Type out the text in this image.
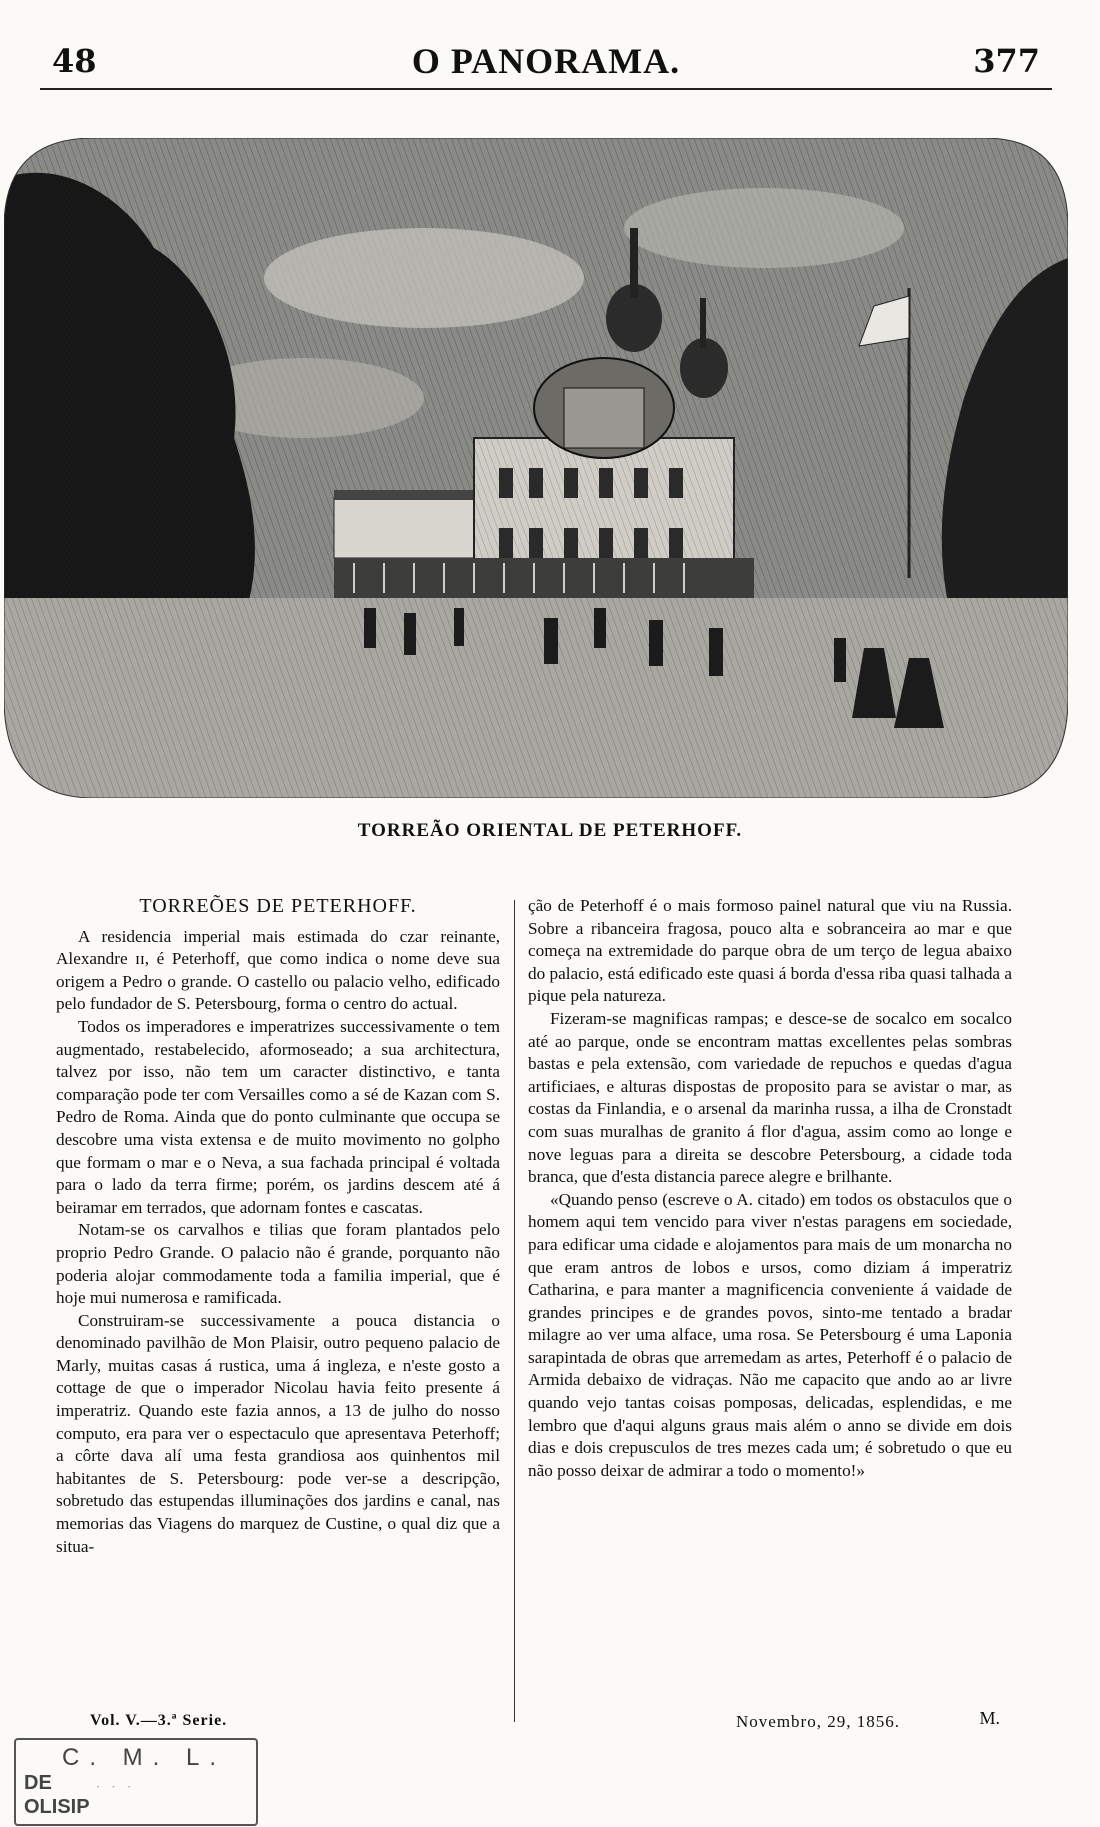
48	O PANORAMA.	377
TORREÃO ORIENTAL DE PETERHOFF.
TORREÕES DE PETERHOFF.

A residencia imperial mais estimada do czar reinante, Alexandre ɪɪ, é Peterhoff, que como indica o nome deve sua origem a Pedro o grande. O castello ou palacio velho, edificado pelo fundador de S. Petersbourg, forma o centro do actual.

Todos os imperadores e imperatrizes successivamente o tem augmentado, restabelecido, aformoseado; a sua architectura, talvez por isso, não tem um caracter distinctivo, e tanta comparação pode ter com Versailles como a sé de Kazan com S. Pedro de Roma. Ainda que do ponto culminante que occupa se descobre uma vista extensa e de muito movimento no golpho que formam o mar e o Neva, a sua fachada principal é voltada para o lado da terra firme; porém, os jardins descem até á beiramar em terrados, que adornam fontes e cascatas.

Notam-se os carvalhos e tilias que foram plantados pelo proprio Pedro Grande. O palacio não é grande, porquanto não poderia alojar commodamente toda a familia imperial, que é hoje mui numerosa e ramificada.

Construiram-se successivamente a pouca distancia o denominado pavilhão de Mon Plaisir, outro pequeno palacio de Marly, muitas casas á rustica, uma á ingleza, e n'este gosto a cottage de que o imperador Nicolau havia feito presente á imperatriz. Quando este fazia annos, a 13 de julho do nosso computo, era para ver o espectaculo que apresentava Peterhoff; a côrte dava alí uma festa grandiosa aos quinhentos mil habitantes de S. Petersbourg: pode ver-se a descripção, sobretudo das estupendas illuminações dos jardins e canal, nas memorias das Viagens do marquez de Custine, o qual diz que a situa-

ção de Peterhoff é o mais formoso painel natural que viu na Russia. Sobre a ribanceira fragosa, pouco alta e sobranceira ao mar e que começa na extremidade do parque obra de um terço de legua abaixo do palacio, está edificado este quasi á borda d'essa riba quasi talhada a pique pela natureza.

Fizeram-se magnificas rampas; e desce-se de socalco em socalco até ao parque, onde se encontram mattas excellentes pelas sombras bastas e pela extensão, com variedade de repuchos e quedas d'agua artificiaes, e alturas dispostas de proposito para se avistar o mar, as costas da Finlandia, e o arsenal da marinha russa, a ilha de Cronstadt com suas muralhas de granito á flor d'agua, assim como ao longe e nove leguas para a direita se descobre Petersbourg, a cidade toda branca, que d'esta distancia parece alegre e brilhante.

«Quando penso (escreve o A. citado) em todos os obstaculos que o homem aqui tem vencido para viver n'estas paragens em sociedade, para edificar uma cidade e alojamentos para mais de um monarcha no que eram antros de lobos e ursos, como diziam á imperatriz Catharina, e para manter a magnificencia conveniente á vaidade de grandes principes e de grandes povos, sinto-me tentado a bradar milagre ao ver uma alface, uma rosa. Se Petersbourg é uma Laponia sarapintada de obras que arremedam as artes, Peterhoff é o palacio de Armida debaixo de vidraças. Não me capacito que ando ao ar livre quando vejo tantas coisas pomposas, delicadas, esplendidas, e me lembro que d'aqui alguns graus mais além o anno se divide em dois dias e dois crepusculos de tres mezes cada um; é sobretudo o que eu não posso deixar de admirar a todo o momento!»

M.
Vol. V.—3.ª Serie.	Novembro, 29, 1856.
C. M. L.
· · ·
DE
OLISIP
